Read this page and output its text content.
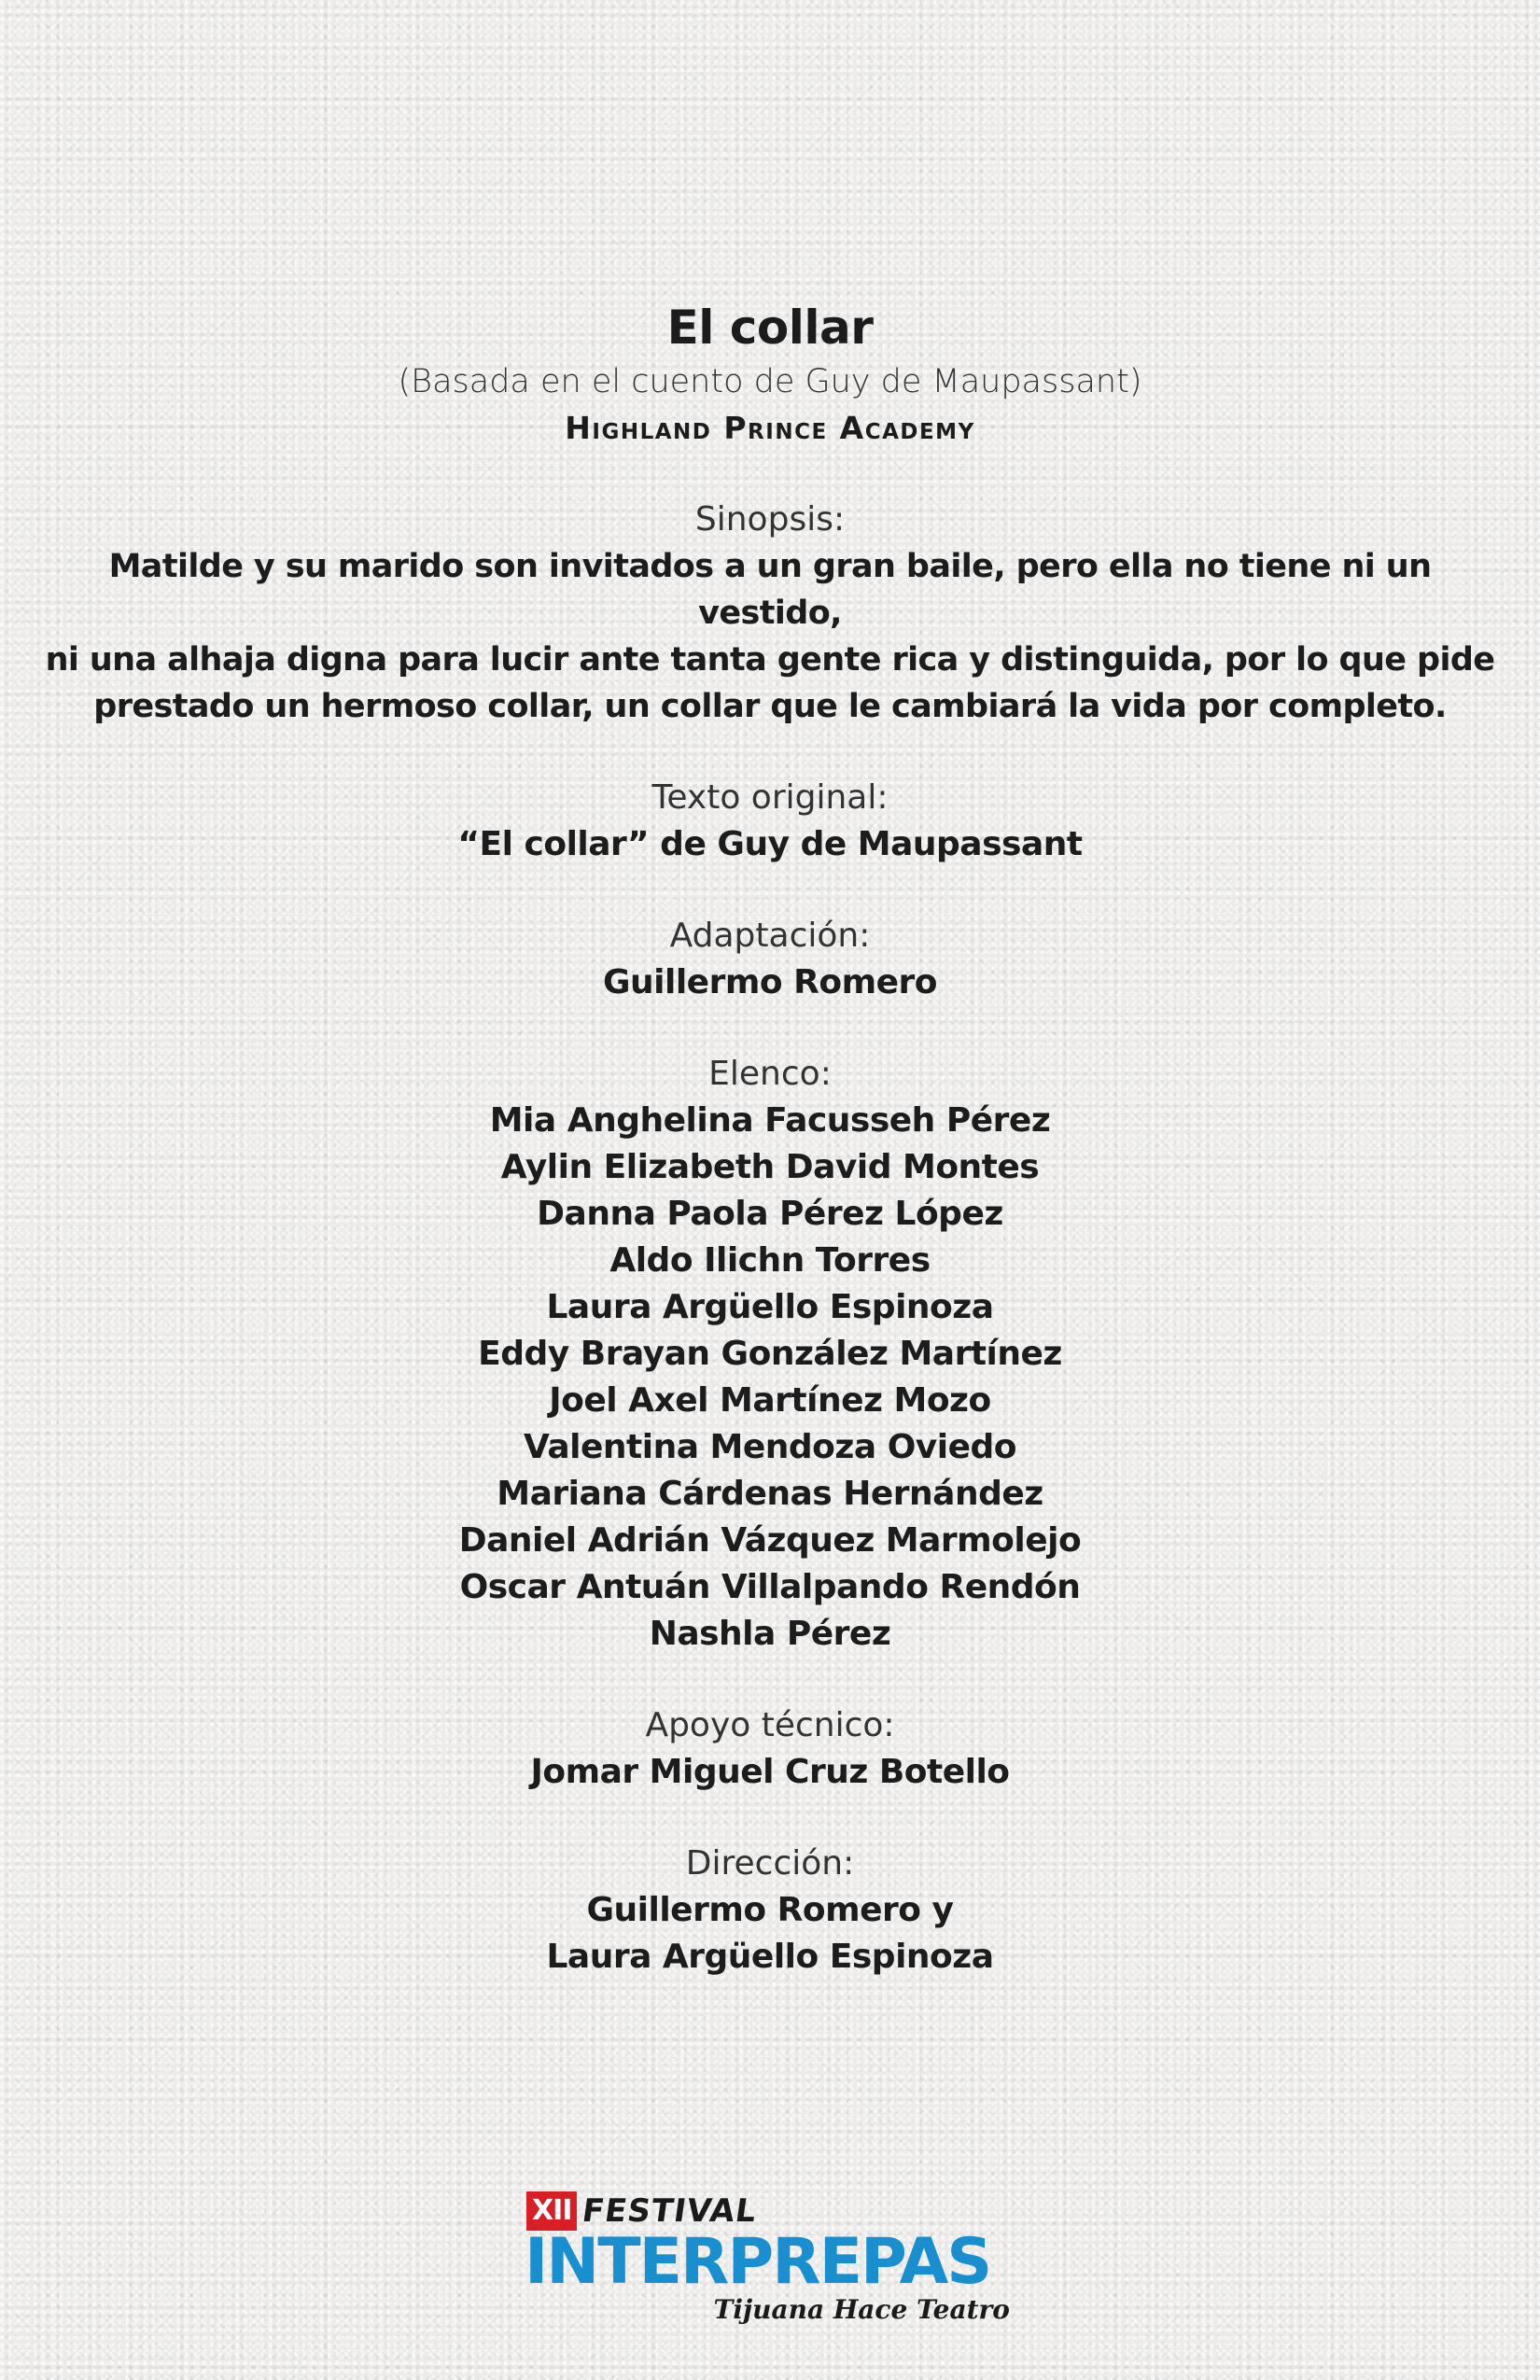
El collar
(Basada en el cuento de Guy de Maupassant)
Highland Prince Academy
Sinopsis:
Matilde y su marido son invitados a un gran baile, pero ella no tiene ni un vestido,
ni una alhaja digna para lucir ante tanta gente rica y distinguida, por lo que pide
prestado un hermoso collar, un collar que le cambiará la vida por completo.
Texto original:
“El collar” de Guy de Maupassant
Adaptación:
Guillermo Romero
Elenco:
Mia Anghelina Facusseh Pérez
Aylin Elizabeth David Montes
Danna Paola Pérez López
Aldo Ilichn Torres
Laura Argüello Espinoza
Eddy Brayan González Martínez
Joel Axel Martínez Mozo
Valentina Mendoza Oviedo
Mariana Cárdenas Hernández
Daniel Adrián Vázquez Marmolejo
Oscar Antuán Villalpando Rendón
Nashla Pérez
Apoyo técnico:
Jomar Miguel Cruz Botello
Dirección:
Guillermo Romero y
Laura Argüello Espinoza
XII FESTIVAL
INTERPREPAS
Tijuana Hace Teatro
